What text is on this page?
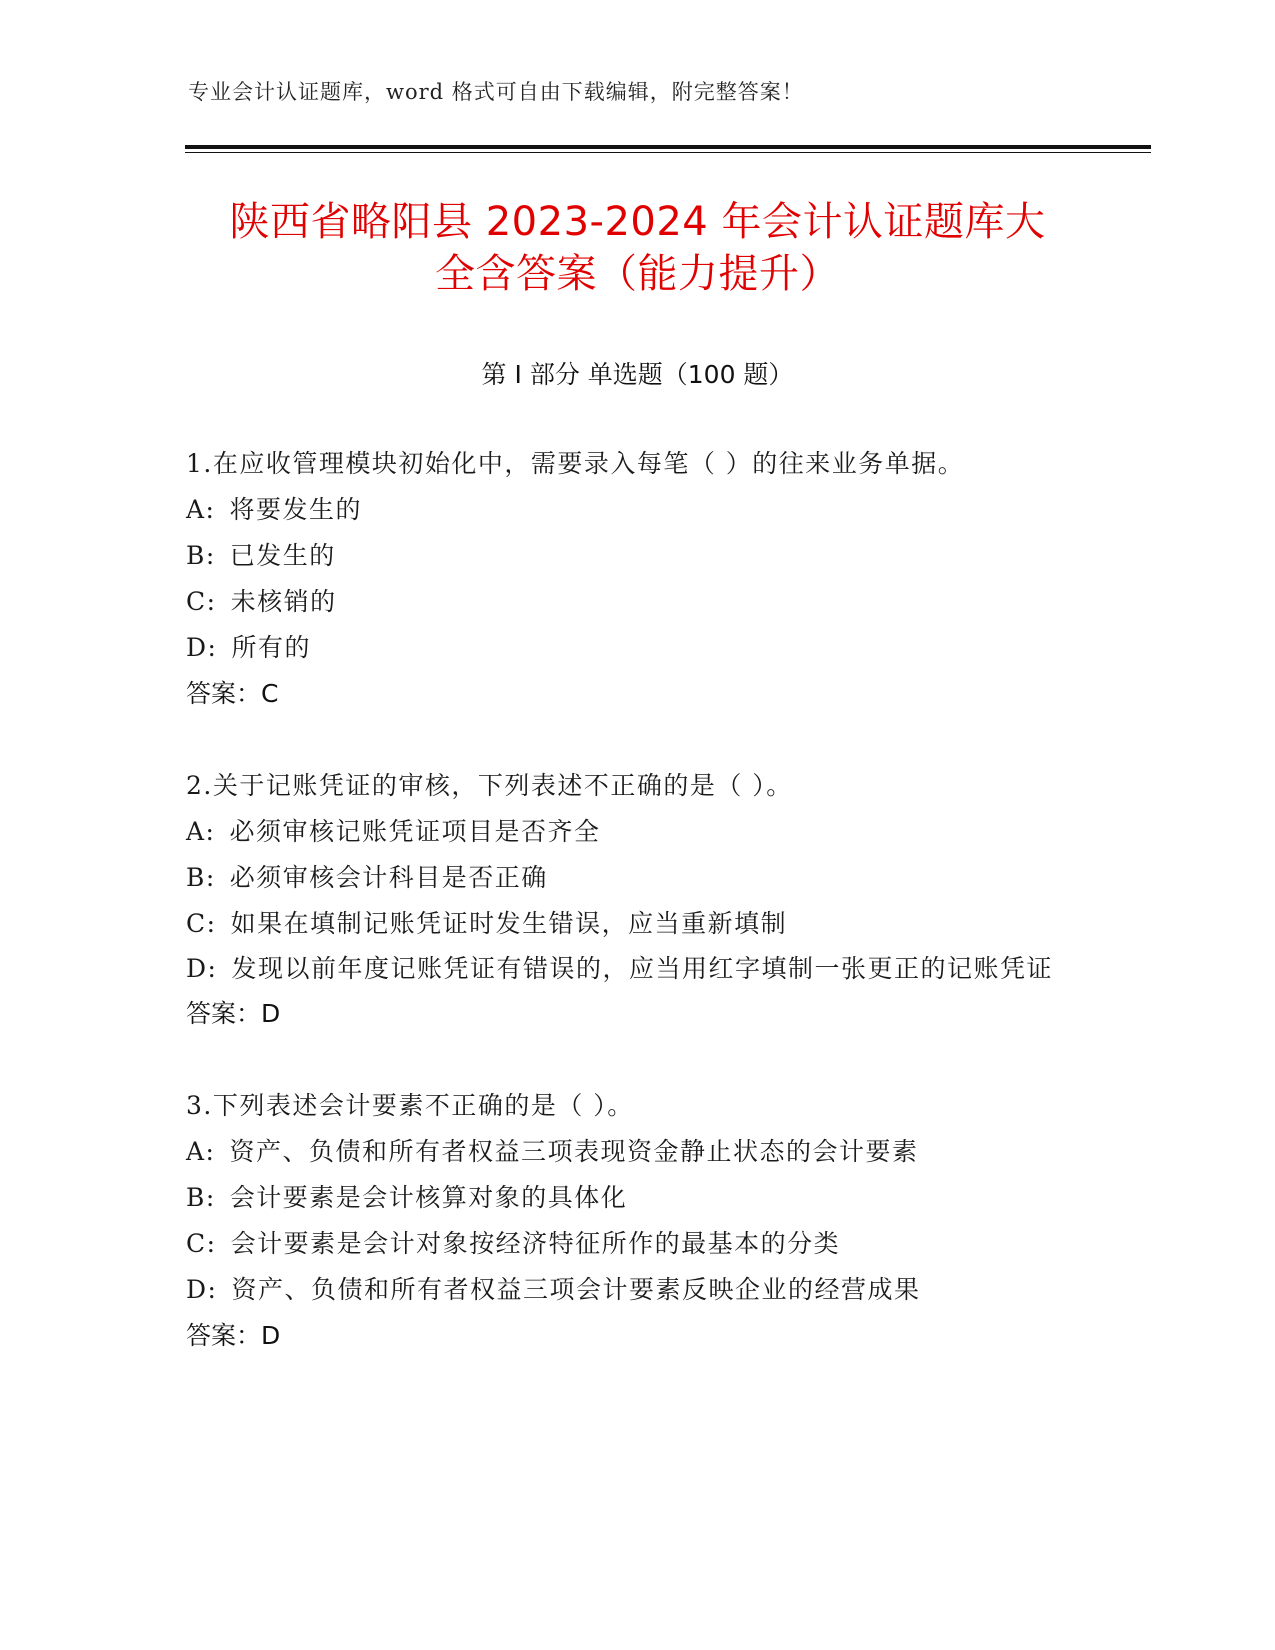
专业会计认证题库，word 格式可自由下载编辑，附完整答案！
陕西省略阳县 2023-2024 年会计认证题库大
全含答案（能力提升）
第 I 部分 单选题（100 题）
1.在应收管理模块初始化中，需要录入每笔（ ）的往来业务单据。
A: 将要发生的
B: 已发生的
C: 未核销的
D: 所有的
答案：C
2.关于记账凭证的审核，下列表述不正确的是（ ）。
A: 必须审核记账凭证项目是否齐全
B: 必须审核会计科目是否正确
C: 如果在填制记账凭证时发生错误，应当重新填制
D: 发现以前年度记账凭证有错误的，应当用红字填制一张更正的记账凭证
答案：D
3.下列表述会计要素不正确的是（ ）。
A: 资产、负债和所有者权益三项表现资金静止状态的会计要素
B: 会计要素是会计核算对象的具体化
C: 会计要素是会计对象按经济特征所作的最基本的分类
D: 资产、负债和所有者权益三项会计要素反映企业的经营成果
答案：D
